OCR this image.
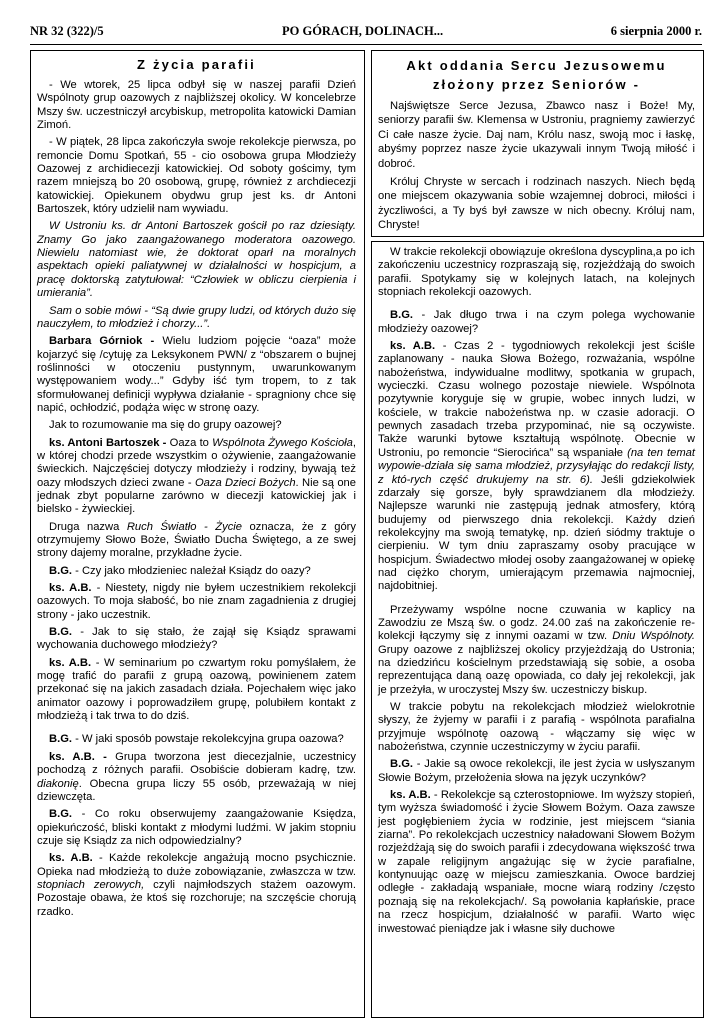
NR 32 (322)/5	PO GÓRACH, DOLINACH...	6 sierpnia 2000 r.

Z życia parafii

- We wtorek, 25 lipca odbył się w naszej parafii Dzień Wspólnoty grup oazowych z najbliższej okolicy. W koncelebrze Mszy św. uczestniczył arcybiskup, metropolita katowicki Damian Zimoń.

- W piątek, 28 lipca zakończyła swoje rekolekcje pierwsza, po remoncie Domu Spotkań, 55 - cio osobowa grupa Młodzieży Oazowej z archidiecezji katowickiej. Od soboty gościmy, tym razem mniejszą bo 20 osobową, grupę, również z archdiecezji katowickiej. Opiekunem obydwu grup jest ks. dr Antoni Bartoszek, który udzielił nam wywiadu.

W Ustroniu ks. dr Antoni Bartoszek gościł po raz dziesiąty. Znamy Go jako zaangażowanego moderatora oazowego. Niewielu natomiast wie, że doktorat oparł na moralnych aspektach opieki paliatywnej w działalności w hospicjum, a pracę doktorską zatytułował: “Człowiek w obliczu cierpienia i umierania”.

Sam o sobie mówi - “Są dwie grupy ludzi, od których dużo się nauczyłem, to młodzież i chorzy...”.

Barbara Górniok - Wielu ludziom pojęcie “oaza” może kojarzyć się /cytuję za Leksykonem PWN/ z “obszarem o bujnej roślinności w otoczeniu pustynnym, uwarunkowanym występowaniem wody...” Gdyby iść tym tropem, to z tak sformułowanej definicji wypływa działanie - spragniony chce się napić, ochłodzić, podąża więc w stronę oazy.

Jak to rozumowanie ma się do grupy oazowej?

ks. Antoni Bartoszek - Oaza to Wspólnota Żywego Kościoła, w której chodzi przede wszystkim o ożywienie, zaangażowanie świeckich. Najczęściej dotyczy młodzieży i rodziny, bywają też oazy młodszych dzieci zwane - Oaza Dzieci Bożych. Nie są one jednak zbyt popularne zarówno w diecezji katowickiej jak i bielsko - żywieckiej.

Druga nazwa Ruch Światło - Życie oznacza, że z góry otrzymujemy Słowo Boże, Światło Ducha Świętego, a ze swej strony dajemy moralne, przykładne życie.

B.G. - Czy jako młodzieniec należał Ksiądz do oazy?

ks. A.B. - Niestety, nigdy nie byłem uczestnikiem rekolekcji oazowych. To moja słabość, bo nie znam zagadnienia z drugiej strony - jako uczestnik.

B.G. - Jak to się stało, że zajął się Ksiądz sprawami wychowania duchowego młodzieży?

ks. A.B. - W seminarium po czwartym roku pomyślałem, że mogę trafić do parafii z grupą oazową, powinienem zatem przekonać się na jakich zasadach działa. Pojechałem więc jako animator oazowy i poprowadziłem grupę, polubiłem kontakt z młodzieżą i tak trwa to do dziś.

B.G. - W jaki sposób powstaje rekolekcyjna grupa oazowa?

ks. A.B. - Grupa tworzona jest diecezjalnie, uczestnicy pochodzą z różnych parafii. Osobiście dobieram kadrę, tzw. diakonię. Obecna grupa liczy 55 osób, przeważają w niej dziewczęta.

B.G. - Co roku obserwujemy zaangażowanie Księdza, opiekuńczość, bliski kontakt z młodymi ludźmi. W jakim stopniu czuje się Ksiądz za nich odpowiedzialny?

ks. A.B. - Każde rekolekcje angażują mocno psychicznie. Opieka nad młodzieżą to duże zobowiązanie, zwłaszcza w tzw. stopniach zerowych, czyli najmłodszych stażem oazowym. Pozostaje obawa, że ktoś się rozchoruje; na szczęście chorują rzadko.

Akt oddania Sercu Jezusowemu

złożony przez Seniorów -

Najświętsze Serce Jezusa, Zbawco nasz i Boże! My, seniorzy parafii św. Klemensa w Ustroniu, pragniemy zawierzyć Ci całe nasze życie. Daj nam, Królu nasz, swoją moc i łaskę, abyśmy poprzez nasze życie ukazywali innym Twoją miłość i dobroć.

Króluj Chryste w sercach i rodzinach naszych. Niech będą one miejscem okazywania sobie wzajemnej dobroci, miłości i życzliwości, a Ty byś był zawsze w nich obecny. Króluj nam, Chryste!

W trakcie rekolekcji obowiązuje określona dyscyplina,a po ich zakończeniu uczestnicy rozpraszają się, rozjeżdżają do swoich parafii. Spotykamy się w kolejnych latach, na kolejnych stopniach rekolekcji oazowych.

B.G. - Jak długo trwa i na czym polega wychowanie młodzieży oazowej?

ks. A.B. - Czas 2 - tygodniowych rekolekcji jest ściśle zaplanowany - nauka Słowa Bożego, rozważania, wspólne nabożeństwa, indywidualne modlitwy, spotkania w grupach, wycieczki. Czasu wolnego pozostaje niewiele. Wspólnota pozytywnie koryguje się w grupie, wobec innych ludzi, w kościele, w trakcie nabożeństwa np. w czasie adoracji. O pewnych zasadach trzeba przypominać, nie są oczywiste. Także warunki bytowe kształtują wspólnotę. Obecnie w Ustroniu, po remoncie “Sierocińca” są wspaniałe (na ten temat wypowie-działa się sama młodzież, przysyłając do redakcji listy, z któ-rych część drukujemy na str. 6). Jeśli gdziekolwiek zdarzały się gorsze, były sprawdzianem dla młodzieży. Najlepsze warunki nie zastępują jednak atmosfery, którą budujemy od pierwszego dnia rekolekcji. Każdy dzień rekolekcyjny ma swoją tematykę, np. dzień siódmy traktuje o cierpieniu. W tym dniu zapraszamy osoby pracujące w hospicjum. Świadectwo młodej osoby zaangażowanej w opiekę nad ciężko chorym, umierającym przemawia najmocniej, najdobitniej.

Przeżywamy wspólne nocne czuwania w kaplicy na Zawodziu ze Mszą św. o godz. 24.00 zaś na zakończenie re-kolekcji łączymy się z innymi oazami w tzw. Dniu Wspólnoty. Grupy oazowe z najbliższej okolicy przyjeżdżają do Ustronia; na dziedzińcu kościelnym przedstawiają się sobie, a osoba reprezentująca daną oazę opowiada, co dały jej rekolekcji, jak je przeżyła, w uroczystej Mszy św. uczestniczy biskup.

W trakcie pobytu na rekolekcjach młodzież wielokrotnie słyszy, że żyjemy w parafii i z parafią - wspólnota parafialna przyjmuje wspólnotę oazową - włączamy się więc w nabożeństwa, czynnie uczestniczymy w życiu parafii.

B.G. - Jakie są owoce rekolekcji, ile jest życia w usłyszanym Słowie Bożym, przełożenia słowa na język uczynków?

ks. A.B. - Rekolekcje są czterostopniowe. Im wyższy stopień, tym wyższa świadomość i życie Słowem Bożym. Oaza zawsze jest pogłębieniem życia w rodzinie, jest miejscem “siania ziarna”. Po rekolekcjach uczestnicy naładowani Słowem Bożym rozjeżdżają się do swoich parafii i zdecydowana większość trwa w zapale religijnym angażując się w życie parafialne, kontynuując oazę w miejscu zamieszkania. Owoce bardziej odległe - zakładają wspaniałe, mocne wiarą rodziny /często poznają się na rekolekcjach/. Są powołania kapłańskie, prace na rzecz hospicjum, działalność w parafii. Warto więc inwestować pieniądze jak i własne siły duchowe
